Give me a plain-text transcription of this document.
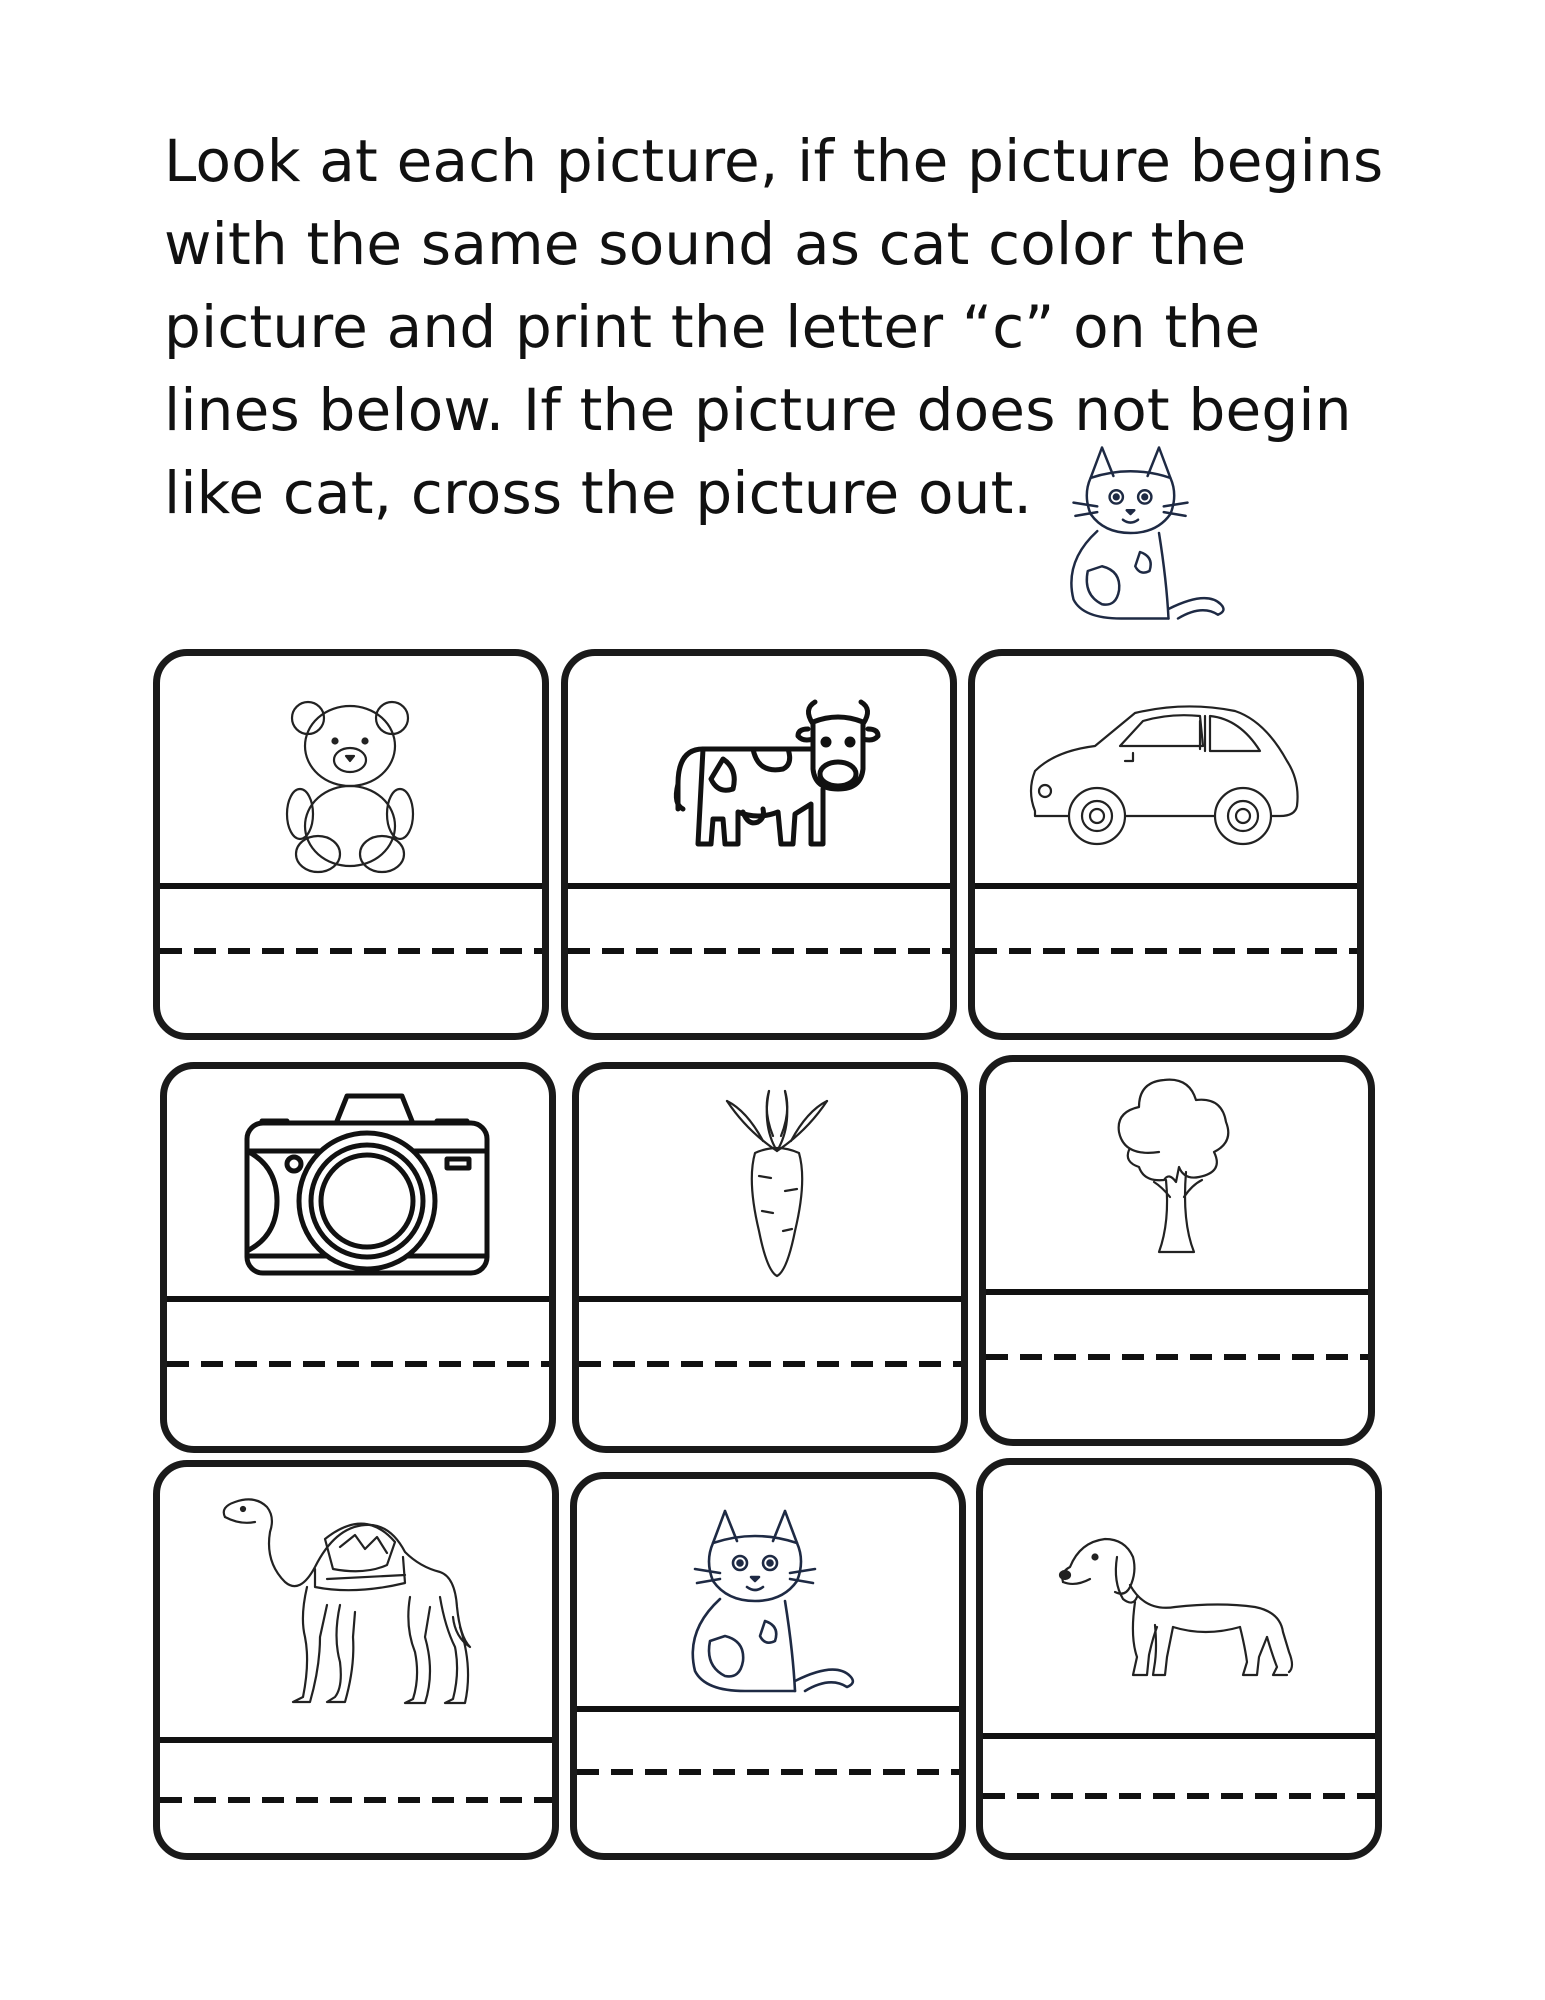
Look at each picture, if the picture begins
with the same sound as cat color the
picture and print the letter “c” on the
lines below. If the picture does not begin
like cat, cross the picture out.
